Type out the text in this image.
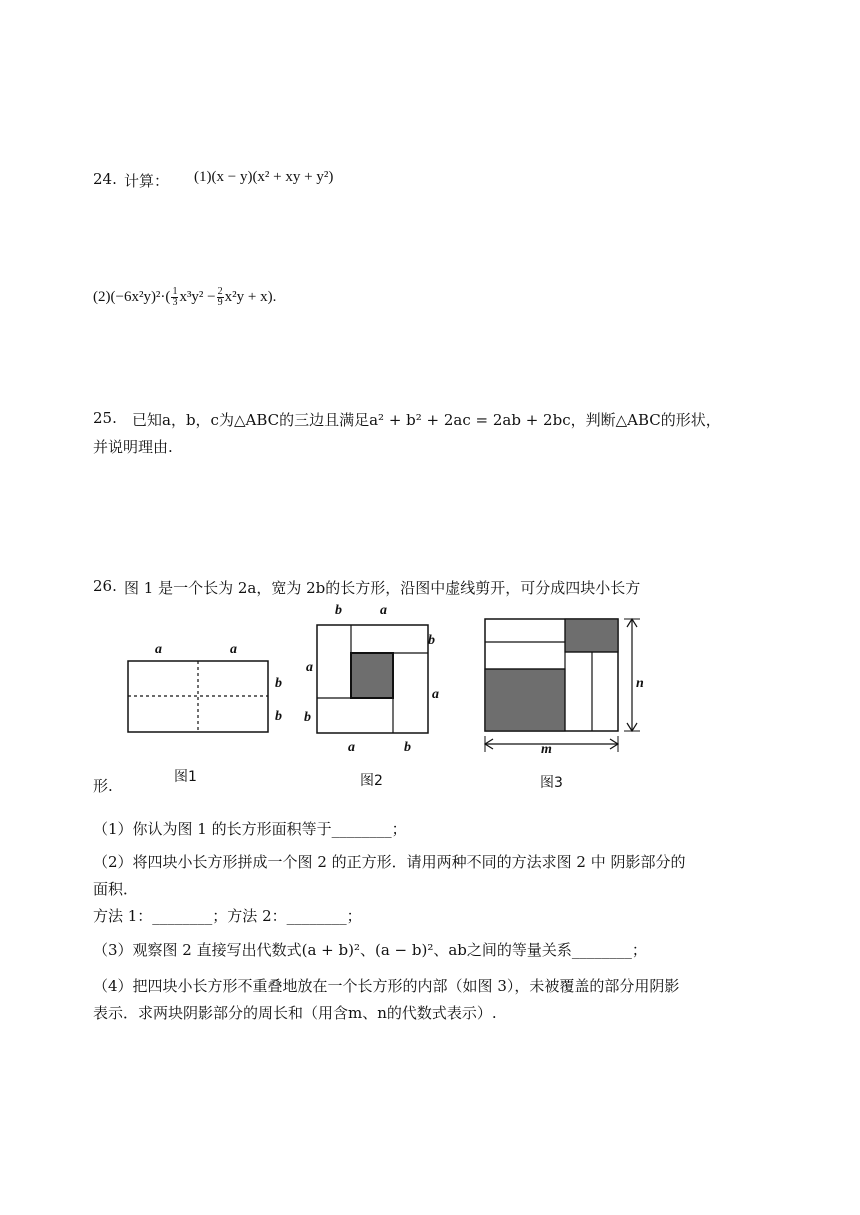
24. 计算： (1)(x − y)(x² + xy + y²)
$(2)(-6x^2y)^2\cdot( \frac{1}{3} x^3y^2 - \frac{2}{9} x^2y + x)$.
25. 已知a，b，c为△ABC的三边且满足a² + b² + 2ac = 2ab + 2bc，判断△ABC的形状，
并说明理由.
26. 图 1 是一个长为 2a，宽为 2b的长方形，沿图中虚线剪开，可分成四块小长方
a	a
b
b
图1
b	a
b
a
a
b
a	b
图2
n
m
图3
形.
（1）你认为图 1 的长方形面积等于________；
（2）将四块小长方形拼成一个图 2 的正方形．请用两种不同的方法求图 2 中 阴影部分的
面积．
方法 1：________；方法 2：________；
（3）观察图 2 直接写出代数式(a + b)²、(a − b)²、ab之间的等量关系________；
（4）把四块小长方形不重叠地放在一个长方形的内部（如图 3），未被覆盖的部分用阴影
表示．求两块阴影部分的周长和（用含m、n的代数式表示）.
